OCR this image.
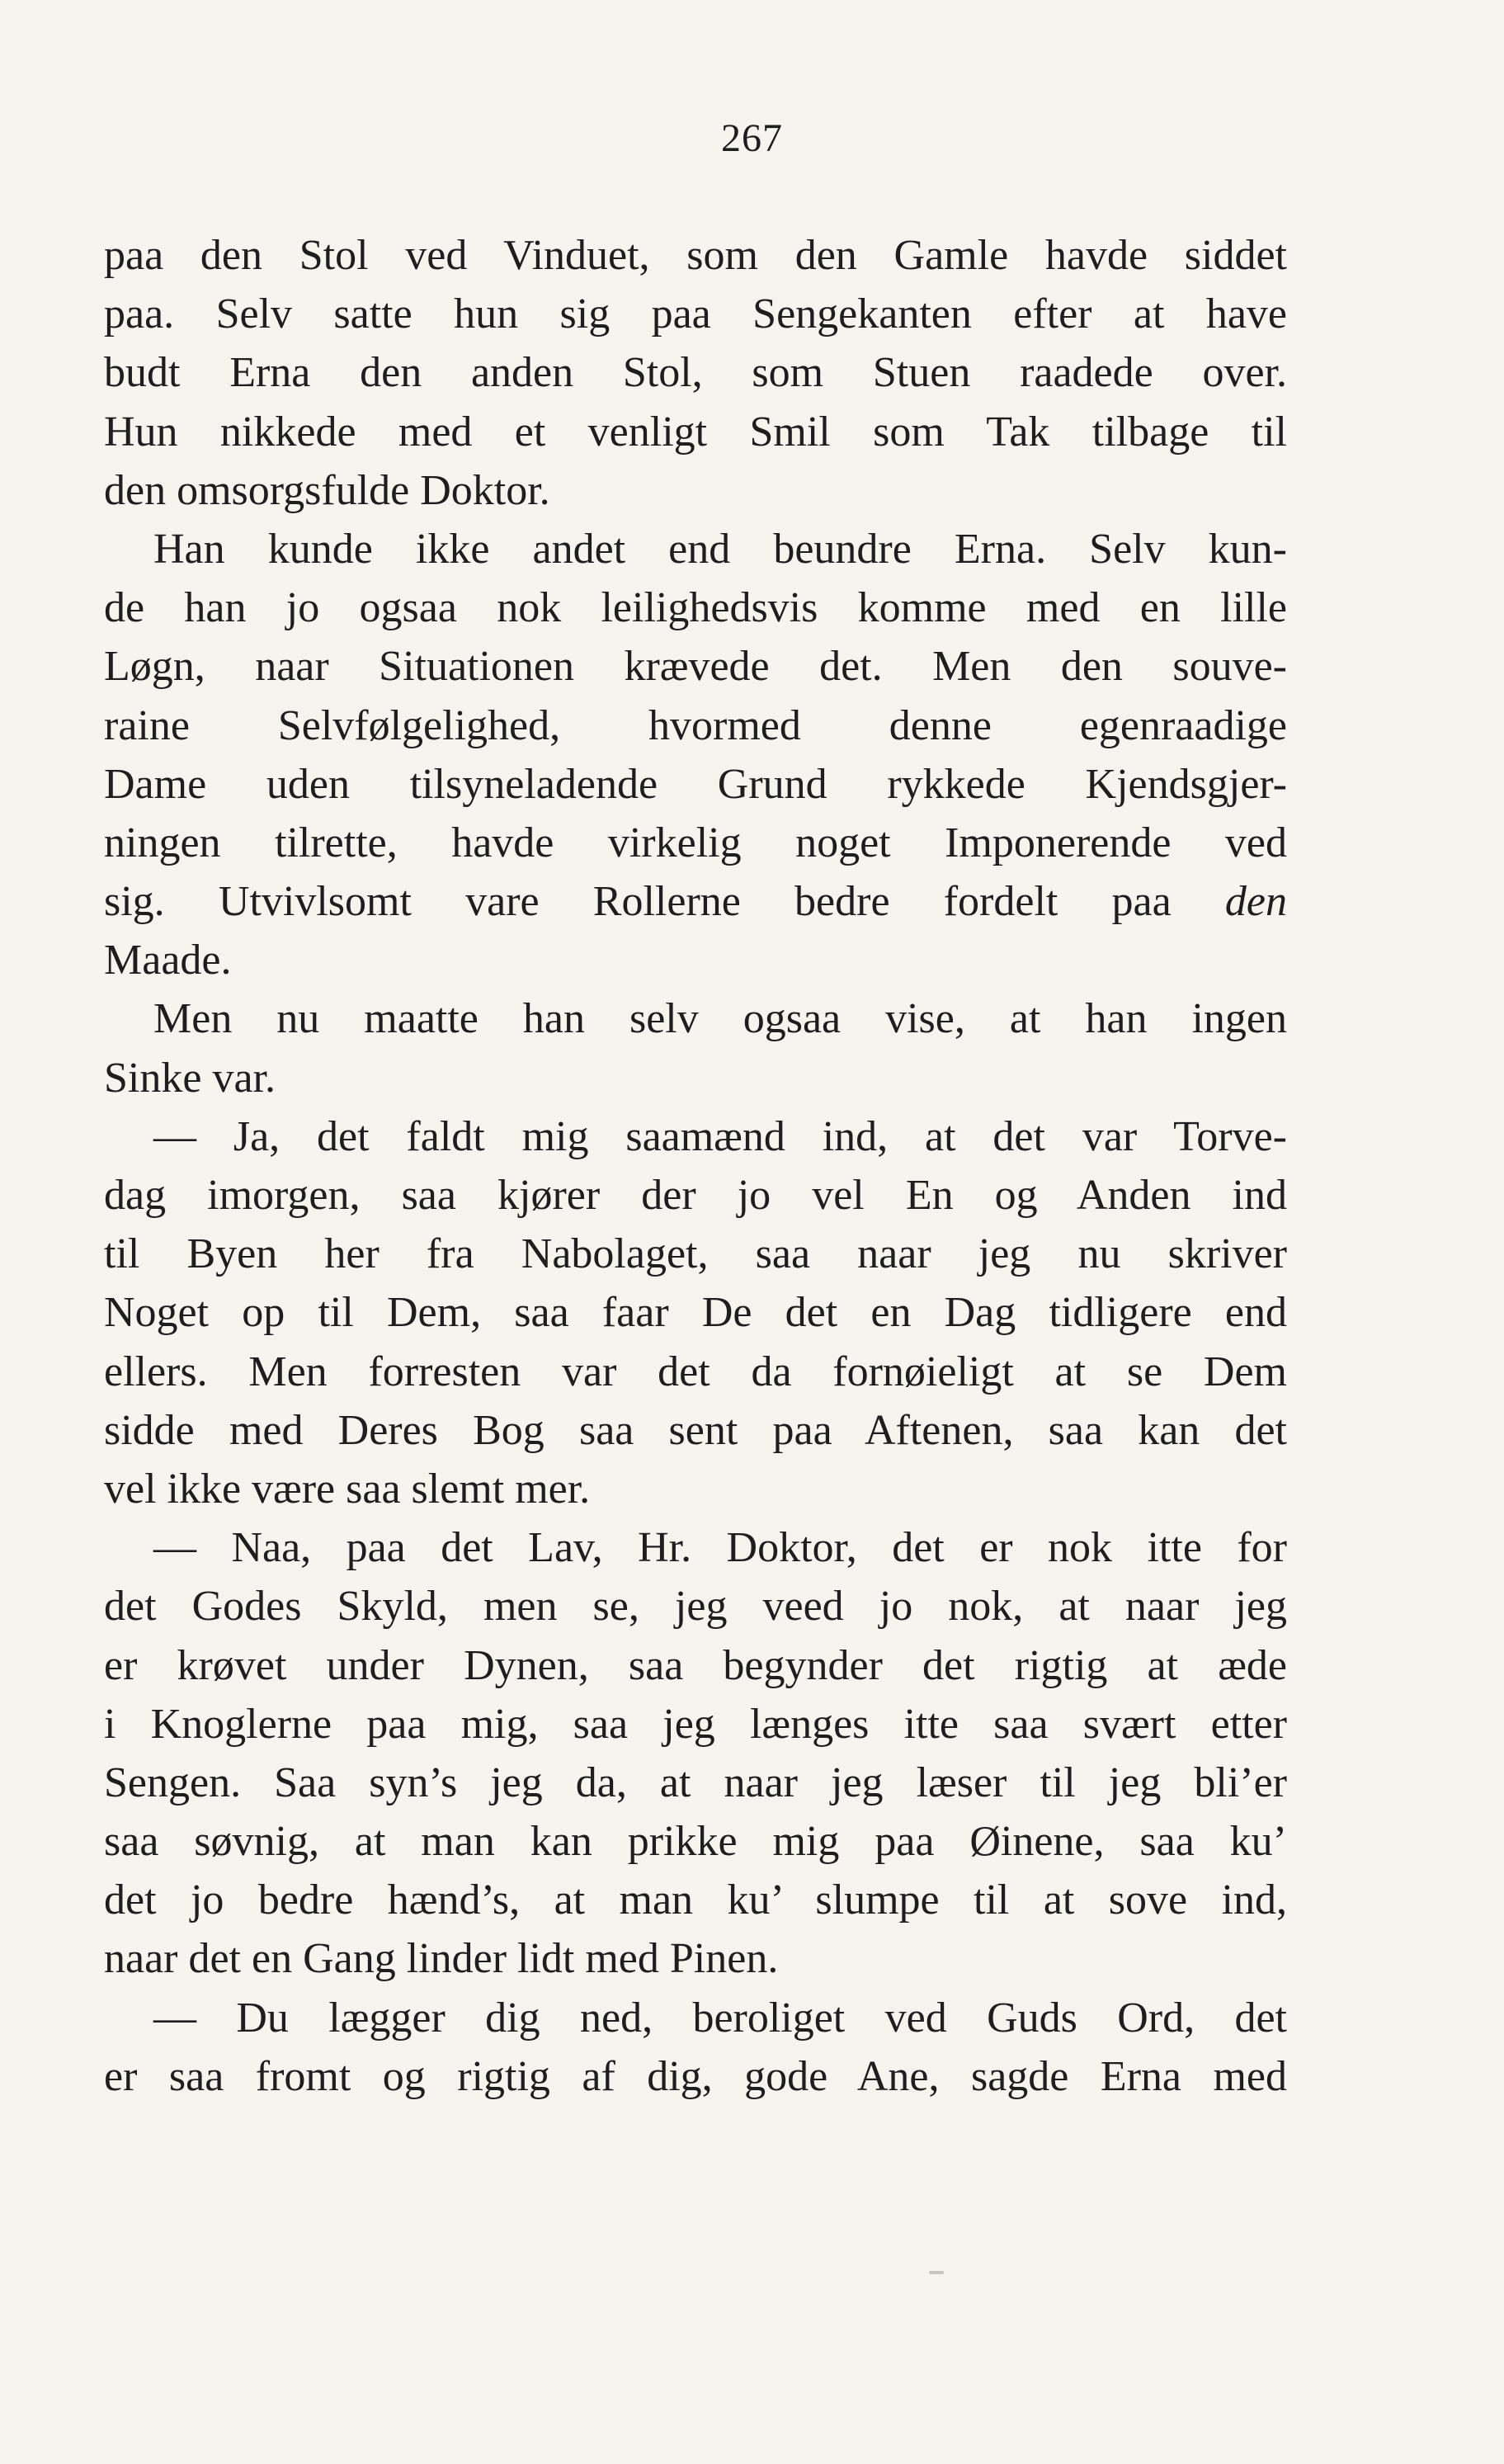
267
paa den Stol ved Vinduet, som den Gamle havde siddet
paa. Selv satte hun sig paa Sengekanten efter at have
budt Erna den anden Stol, som Stuen raadede over.
Hun nikkede med et venligt Smil som Tak tilbage til
den omsorgsfulde Doktor.
Han kunde ikke andet end beundre Erna. Selv kun-
de han jo ogsaa nok leilighedsvis komme med en lille
Løgn, naar Situationen krævede det. Men den souve-
raine Selvfølgelighed, hvormed denne egenraadige
Dame uden tilsyneladende Grund rykkede Kjendsgjer-
ningen tilrette, havde virkelig noget Imponerende ved
sig. Utvivlsomt vare Rollerne bedre fordelt paa den
Maade.
Men nu maatte han selv ogsaa vise, at han ingen
Sinke var.
— Ja, det faldt mig saamænd ind, at det var Torve-
dag imorgen, saa kjører der jo vel En og Anden ind
til Byen her fra Nabolaget, saa naar jeg nu skriver
Noget op til Dem, saa faar De det en Dag tidligere end
ellers. Men forresten var det da fornøieligt at se Dem
sidde med Deres Bog saa sent paa Aftenen, saa kan det
vel ikke være saa slemt mer.
— Naa, paa det Lav, Hr. Doktor, det er nok itte for
det Godes Skyld, men se, jeg veed jo nok, at naar jeg
er krøvet under Dynen, saa begynder det rigtig at æde
i Knoglerne paa mig, saa jeg længes itte saa svært etter
Sengen. Saa syn’s jeg da, at naar jeg læser til jeg bli’er
saa søvnig, at man kan prikke mig paa Øinene, saa ku’
det jo bedre hænd’s, at man ku’ slumpe til at sove ind,
naar det en Gang linder lidt med Pinen.
— Du lægger dig ned, beroliget ved Guds Ord, det
er saa fromt og rigtig af dig, gode Ane, sagde Erna med
